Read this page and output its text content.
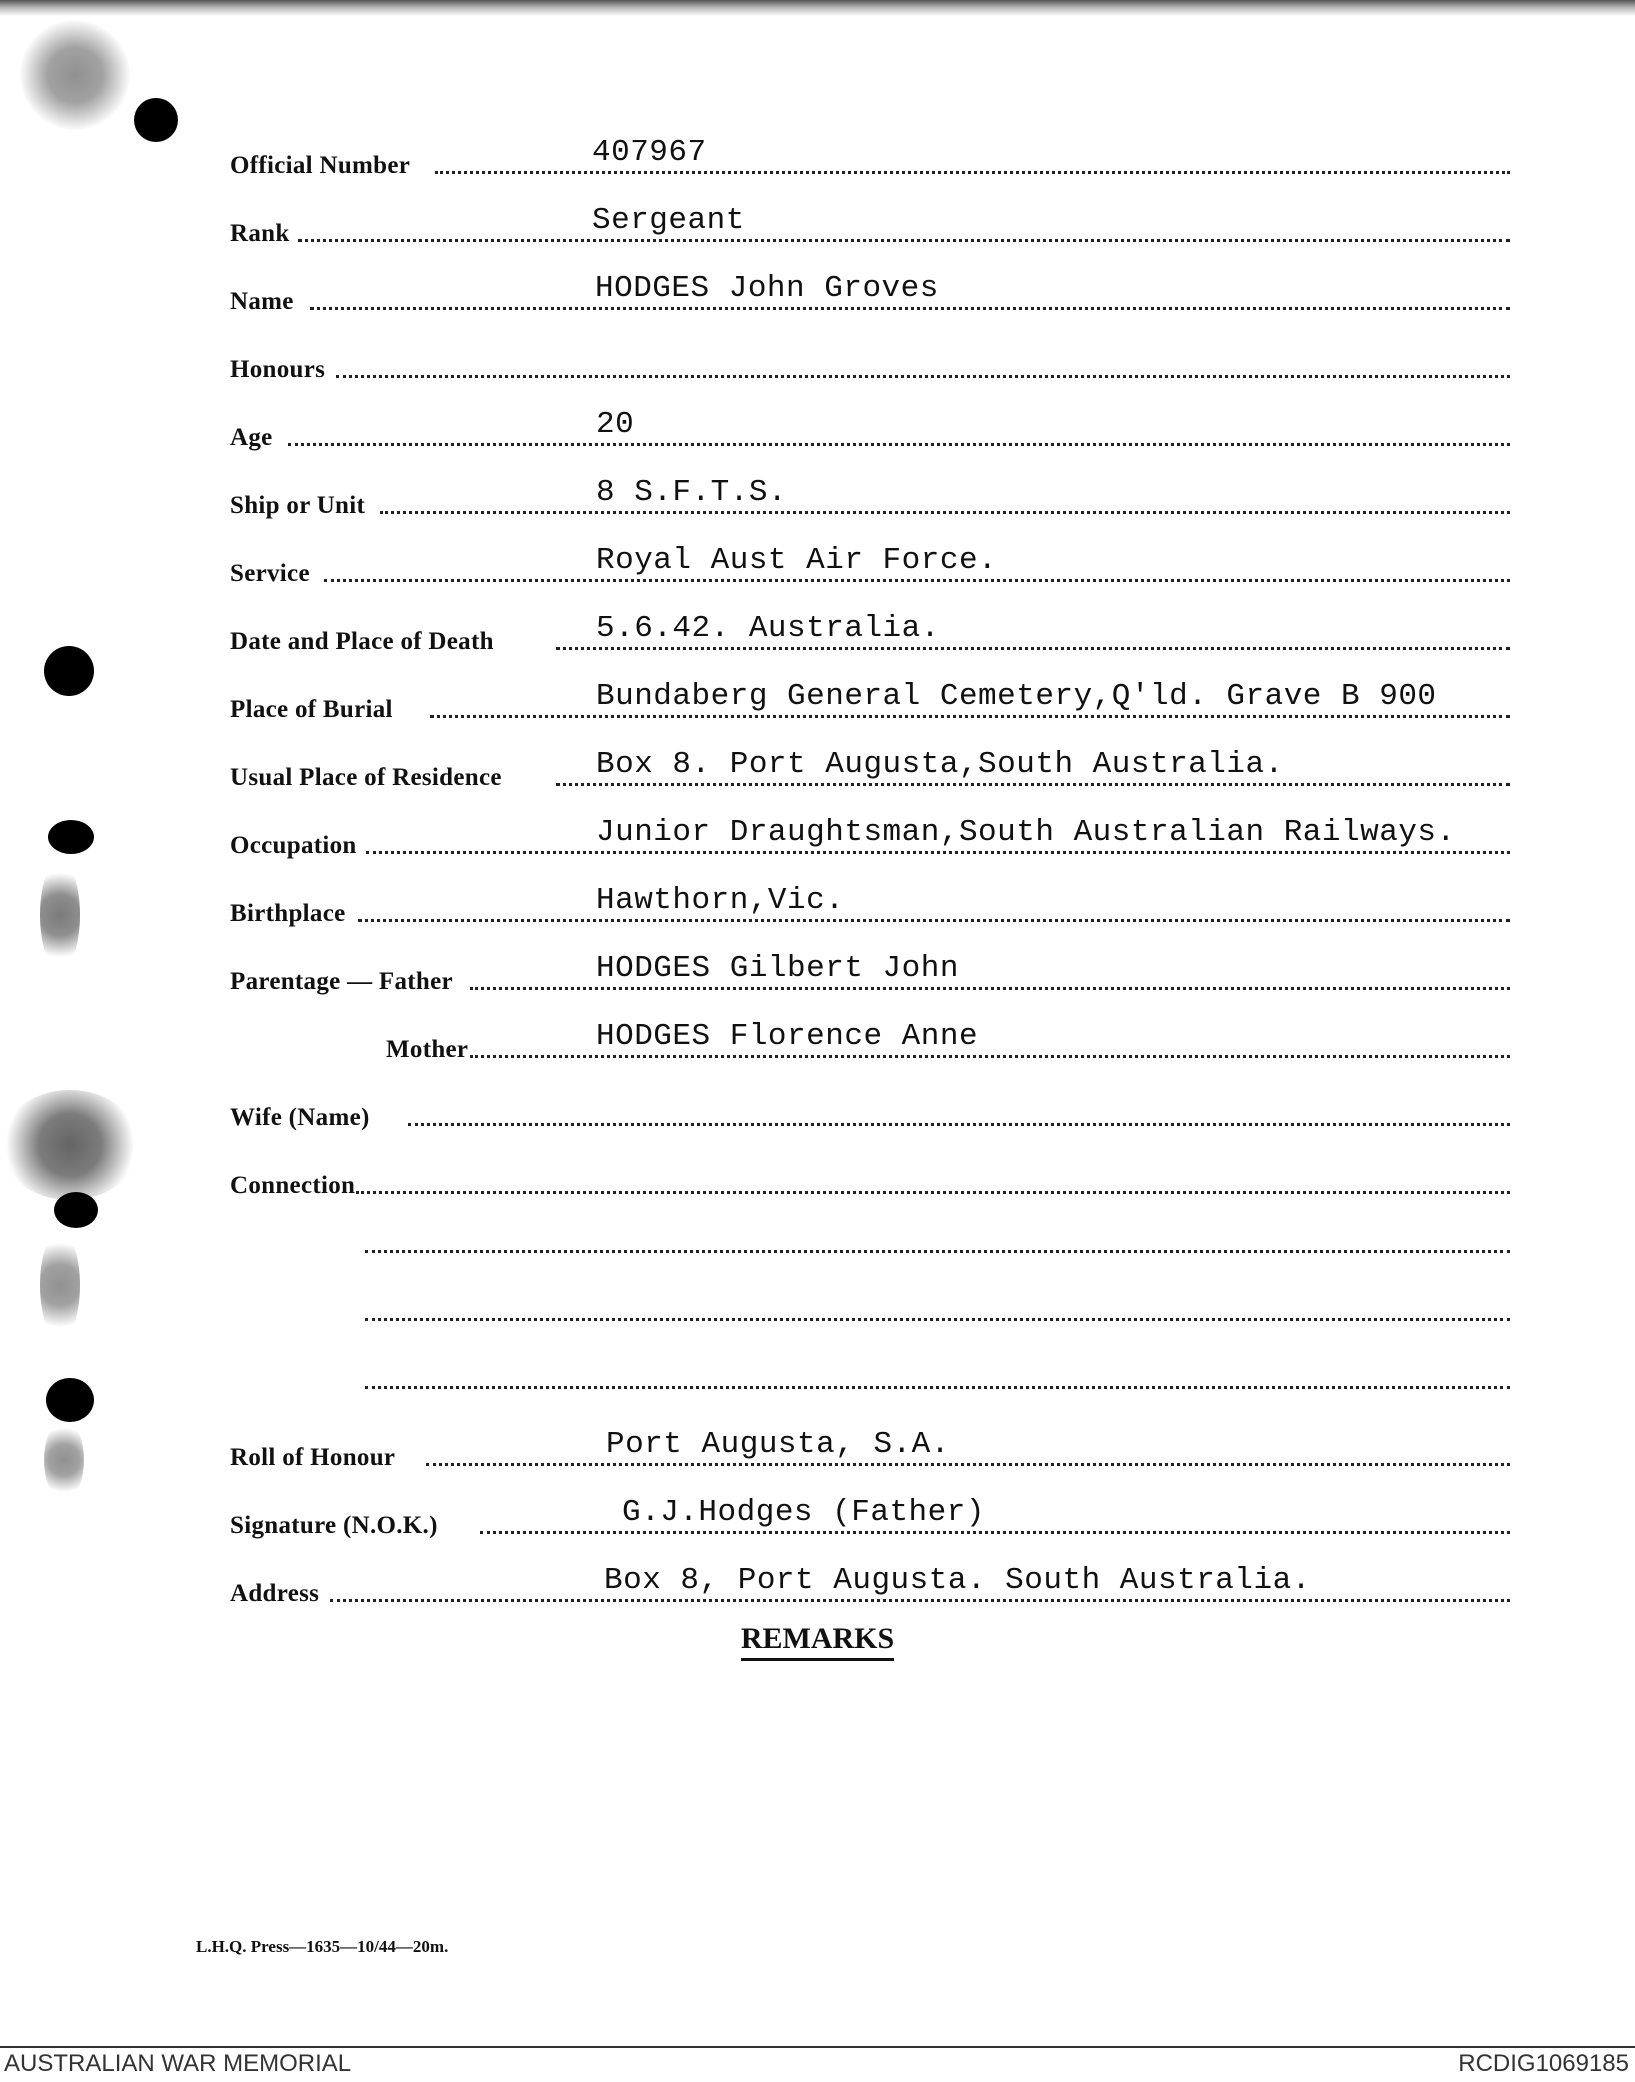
Official Number	407967
Rank	Sergeant
Name	HODGES John Groves
Honours
Age	20
Ship or Unit	8 S.F.T.S.
Service	Royal Aust Air Force.
Date and Place of Death	5.6.42. Australia.
Place of Burial	Bundaberg General Cemetery,Q'ld. Grave B 900
Usual Place of Residence	Box 8. Port Augusta,South Australia.
Occupation	Junior Draughtsman,South Australian Railways.
Birthplace	Hawthorn,Vic.
Parentage — Father	HODGES Gilbert John
Mother	HODGES Florence Anne
Wife (Name)
Connection
Roll of Honour	Port Augusta, S.A.
Signature (N.O.K.)	G.J.Hodges (Father)
Address	Box 8, Port Augusta. South Australia.
REMARKS
L.H.Q. Press—1635—10/44—20m.
AUSTRALIAN WAR MEMORIAL	RCDIG1069185
